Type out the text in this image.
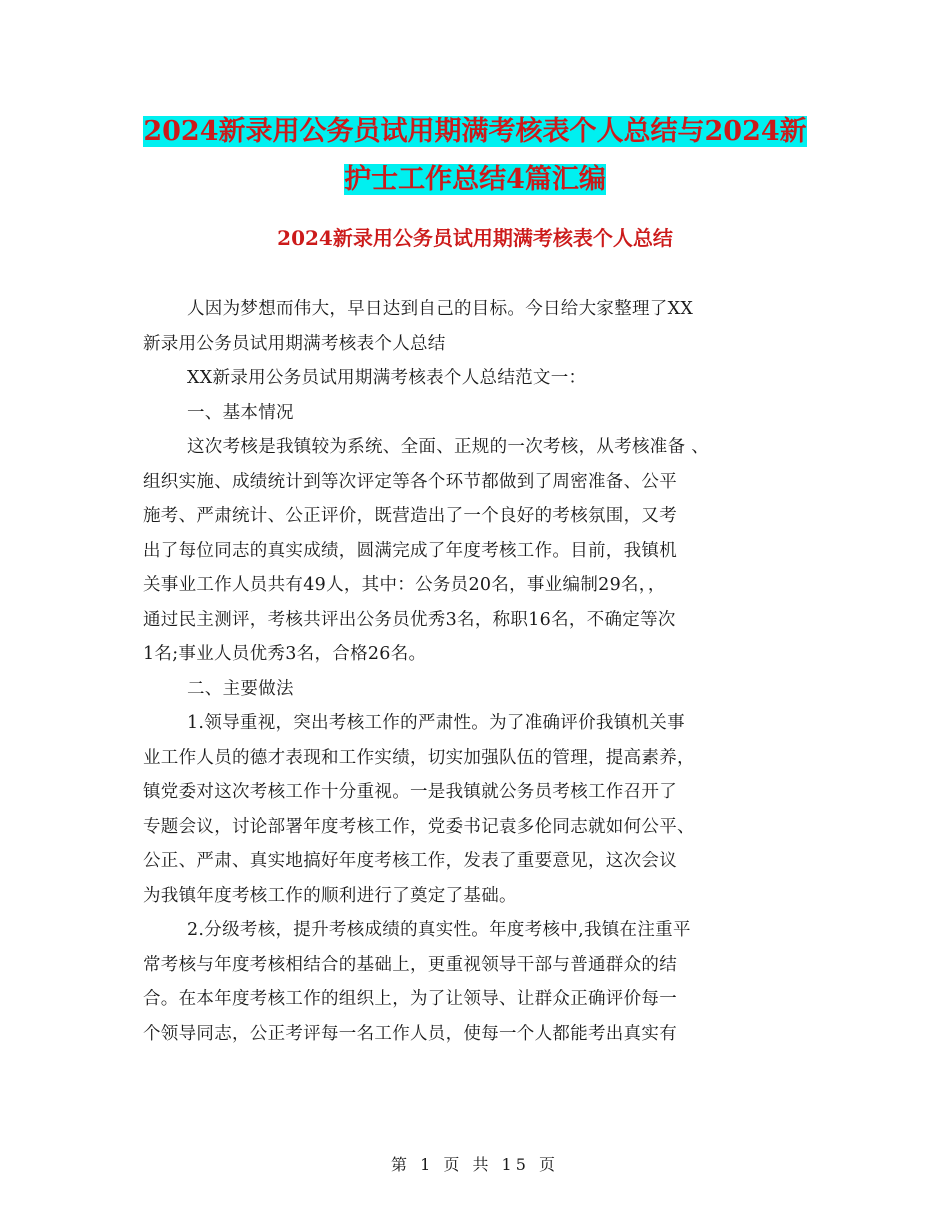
2024新录用公务员试用期满考核表个人总结与2024新
护士工作总结4篇汇编
2024新录用公务员试用期满考核表个人总结
人因为梦想而伟大，早日达到自己的目标。今日给大家整理了XX
新录用公务员试用期满考核表个人总结
XX新录用公务员试用期满考核表个人总结范文一：
一、基本情况
这次考核是我镇较为系统、全面、正规的一次考核，从考核准备 、
组织实施、成绩统计到等次评定等各个环节都做到了周密准备、公平
施考、严肃统计、公正评价，既营造出了一个良好的考核氛围，又考
出了每位同志的真实成绩，圆满完成了年度考核工作。目前，我镇机
关事业工作人员共有49人，其中：公务员20名，事业编制29名，，
通过民主测评，考核共评出公务员优秀3名，称职16名，不确定等次
1名;事业人员优秀3名，合格26名。
二、主要做法
1.领导重视，突出考核工作的严肃性。为了准确评价我镇机关事
业工作人员的德才表现和工作实绩，切实加强队伍的管理，提高素养，
镇党委对这次考核工作十分重视。一是我镇就公务员考核工作召开了
专题会议，讨论部署年度考核工作，党委书记袁多伦同志就如何公平、
公正、严肃、真实地搞好年度考核工作，发表了重要意见，这次会议
为我镇年度考核工作的顺利进行了奠定了基础。
2.分级考核，提升考核成绩的真实性。年度考核中,我镇在注重平
常考核与年度考核相结合的基础上，更重视领导干部与普通群众的结
合。在本年度考核工作的组织上，为了让领导、让群众正确评价每一
个领导同志，公正考评每一名工作人员，使每一个人都能考出真实有
第 1 页 共 15 页
